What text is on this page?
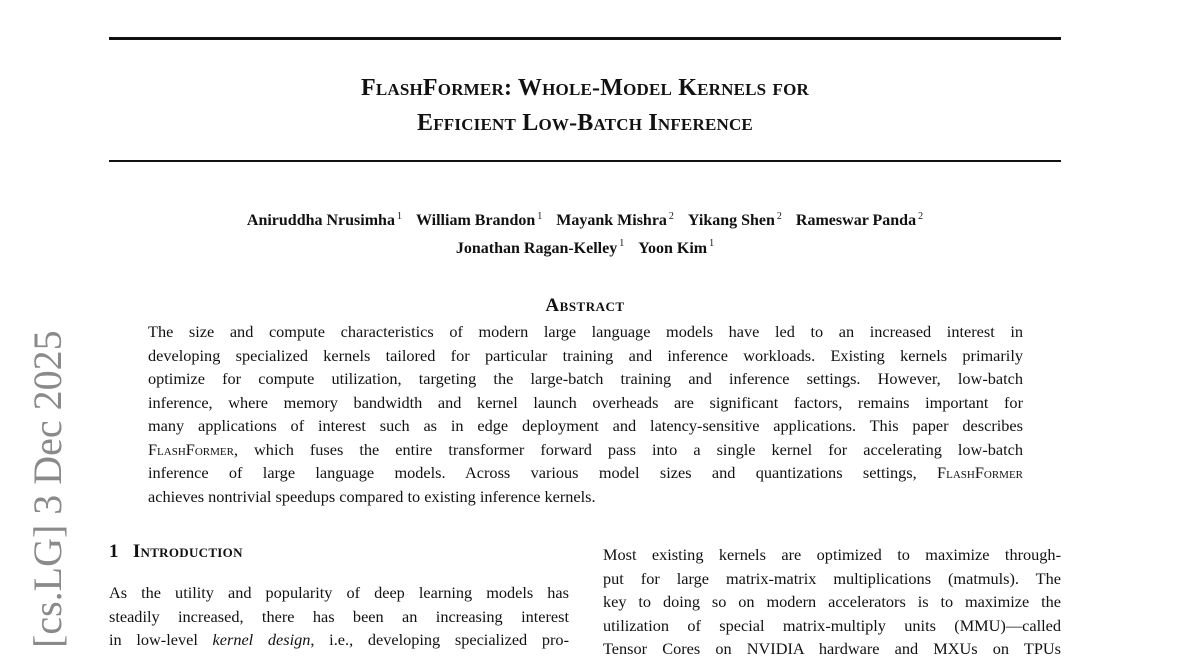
FlashFormer: Whole-Model Kernels for
Efficient Low-Batch Inference
Aniruddha Nrusimha $^1$ William Brandon $^1$ Mayank Mishra $^2$ Yikang Shen $^2$ Rameswar Panda $^2$
Jonathan Ragan-Kelley $^1$ Yoon Kim $^1$
Abstract
The size and compute characteristics of modern large language models have led to an increased interest in
developing specialized kernels tailored for particular training and inference workloads. Existing kernels primarily
optimize for compute utilization, targeting the large-batch training and inference settings. However, low-batch
inference, where memory bandwidth and kernel launch overheads are significant factors, remains important for
many applications of interest such as in edge deployment and latency-sensitive applications. This paper describes
FlashFormer, which fuses the entire transformer forward pass into a single kernel for accelerating low-batch
inference of large language models. Across various model sizes and quantizations settings, FlashFormer
achieves nontrivial speedups compared to existing inference kernels.
[cs.LG] 3 Dec 2025 1 Introduction
As the utility and popularity of deep learning models has
steadily increased, there has been an increasing interest
in low-level kernel design, i.e., developing specialized pro-
Most existing kernels are optimized to maximize through-
put for large matrix-matrix multiplications (matmuls). The
key to doing so on modern accelerators is to maximize the
utilization of special matrix-multiply units (MMU)—called
Tensor Cores on NVIDIA hardware and MXUs on TPUs
